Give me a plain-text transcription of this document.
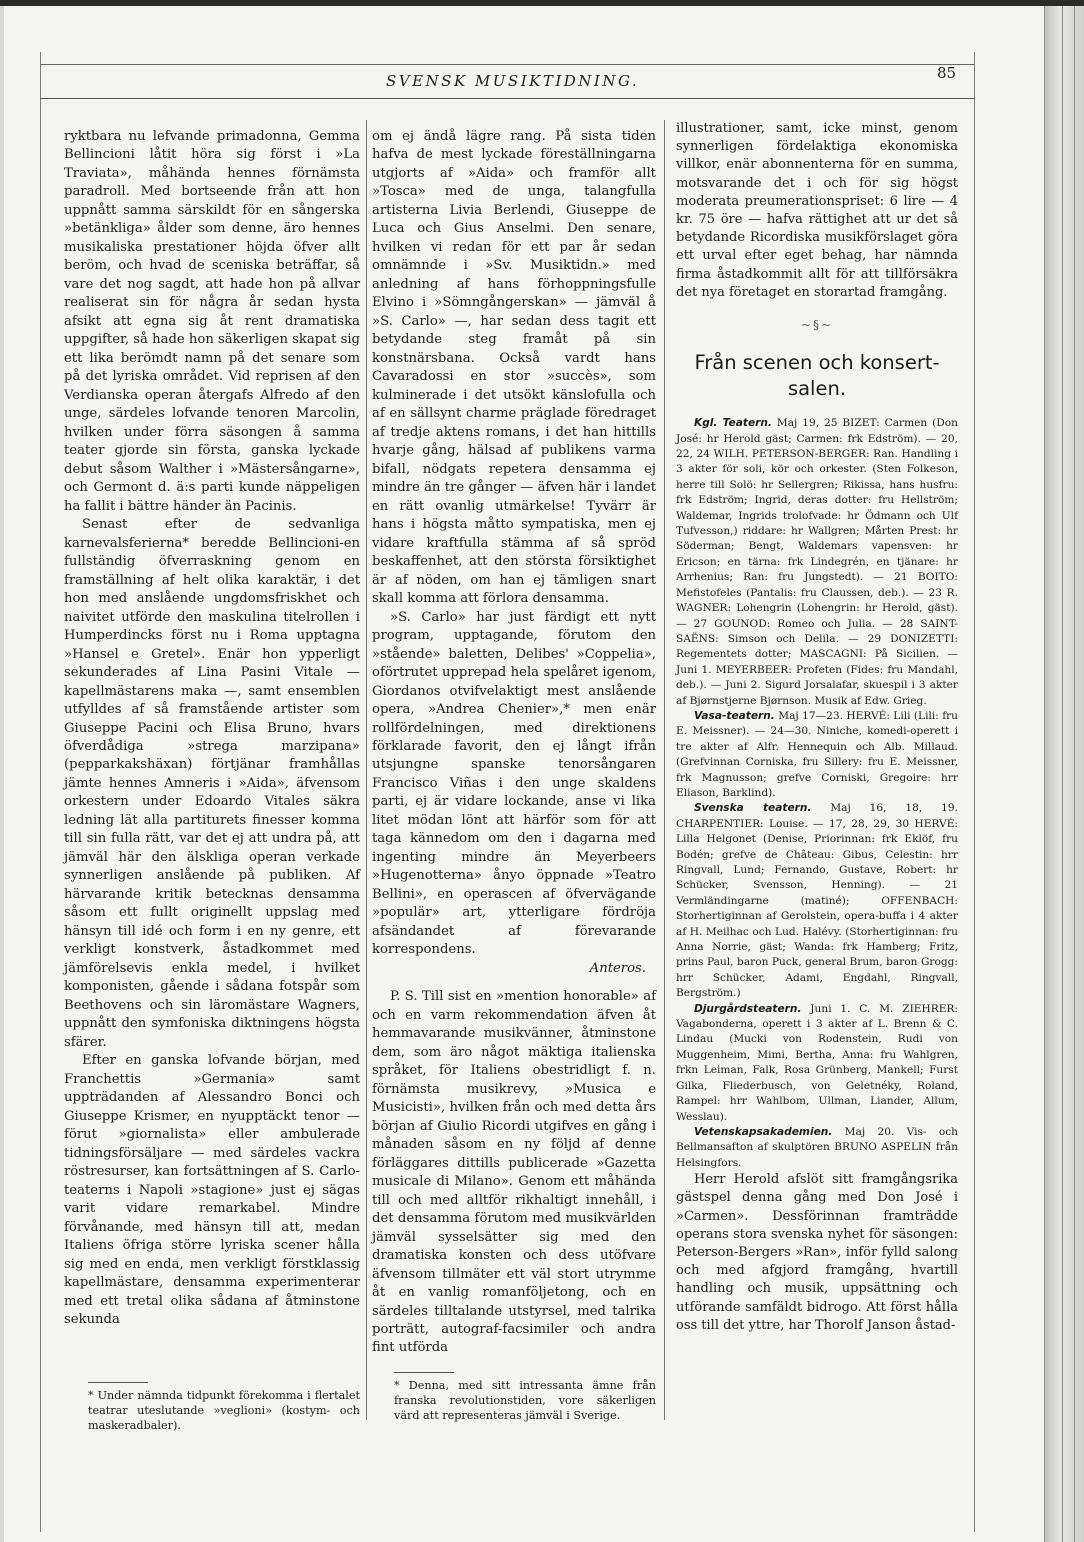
SVENSK MUSIKTIDNING.	85

ryktbara nu lefvande primadonna, Gemma Bellincioni låtit höra sig först i »La Traviata», måhända hennes förnämsta paradroll. Med bortseende från att hon uppnått samma särskildt för en sångerska »betänkliga» ålder som denne, äro hennes musikaliska prestationer höjda öfver allt beröm, och hvad de sceniska beträffar, så vare det nog sagdt, att hade hon på allvar realiserat sin för några år sedan hysta afsikt att egna sig åt rent dramatiska uppgifter, så hade hon säkerligen skapat sig ett lika berömdt namn på det senare som på det lyriska området. Vid reprisen af den Verdianska operan återgafs Alfredo af den unge, särdeles lofvande tenoren Marcolin, hvilken under förra säsongen å samma teater gjorde sin första, ganska lyckade debut såsom Walther i »Mästersångarne», och Germont d. ä:s parti kunde näppeligen ha fallit i bättre händer än Pacinis.

Senast efter de sedvanliga karnevalsferierna* beredde Bellincioni-en fullständig öfverraskning genom en framställning af helt olika karaktär, i det hon med anslående ungdomsfriskhet och naivitet utförde den maskulina titelrollen i Humperdincks först nu i Roma upptagna »Hansel e Gretel». Enär hon ypperligt sekunderades af Lina Pasini Vitale — kapellmästarens maka —, samt ensemblen utfylldes af så framstående artister som Giuseppe Pacini och Elisa Bruno, hvars öfverdådiga »strega marzipana» (pepparkakshäxan) förtjänar framhållas jämte hennes Amneris i »Aida», äfvensom orkestern under Edoardo Vitales säkra ledning lät alla partiturets finesser komma till sin fulla rätt, var det ej att undra på, att jämväl här den älskliga operan verkade synnerligen anslående på publiken. Af härvarande kritik betecknas densamma såsom ett fullt originellt uppslag med hänsyn till idé och form i en ny genre, ett verkligt konstverk, åstadkommet med jämförelsevis enkla medel, i hvilket komponisten, gående i sådana fotspår som Beethovens och sin läromästare Wagners, uppnått den symfoniska diktningens högsta sfärer.

Efter en ganska lofvande början, med Franchettis »Germania» samt uppträdanden af Alessandro Bonci och Giuseppe Krismer, en nyupptäckt tenor — förut »giornalista» eller ambulerade tidningsförsäljare — med särdeles vackra röstresurser, kan fortsättningen af S. Carlo-teaterns i Napoli »stagione» just ej sägas varit vidare remarkabel. Mindre förvånande, med hänsyn till att, medan Italiens öfriga större lyriska scener hålla sig med en enda, men verkligt förstklassig kapellmästare, densamma experimenterar med ett tretal olika sådana af åtminstone sekunda

om ej ändå lägre rang. På sista tiden hafva de mest lyckade föreställningarna utgjorts af »Aida» och framför allt »Tosca» med de unga, talangfulla artisterna Livia Berlendi, Giuseppe de Luca och Gius Anselmi. Den senare, hvilken vi redan för ett par år sedan omnämnde i »Sv. Musiktidn.» med anledning af hans förhoppningsfulle Elvino i »Sömngångerskan» — jämväl å »S. Carlo» —, har sedan dess tagit ett betydande steg framåt på sin konstnärsbana. Också vardt hans Cavaradossi en stor »succès», som kulminerade i det utsökt känslofulla och af en sällsynt charme präglade föredraget af tredje aktens romans, i det han hittills hvarje gång, hälsad af publikens varma bifall, nödgats repetera densamma ej mindre än tre gånger — äfven här i landet en rätt ovanlig utmärkelse! Tyvärr är hans i högsta måtto sympatiska, men ej vidare kraftfulla stämma af så spröd beskaffenhet, att den största försiktighet är af nöden, om han ej tämligen snart skall komma att förlora densamma.

»S. Carlo» har just färdigt ett nytt program, upptagande, förutom den »stående» baletten, Delibes' »Coppelia», oförtrutet upprepad hela spelåret igenom, Giordanos otvifvelaktigt mest anslående opera, »Andrea Chenier»,* men enär rollfördelningen, med direktionens förklarade favorit, den ej långt ifrån utsjungne spanske tenorsångaren Francisco Viñas i den unge skaldens parti, ej är vidare lockande, anse vi lika litet mödan lönt att härför som för att taga kännedom om den i dagarna med ingenting mindre än Meyerbeers »Hugenotterna» ånyo öppnade »Teatro Bellini», en operascen af öfvervägande »populär» art, ytterligare fördröja afsändandet af förevarande korrespondens.

Anteros.

P. S. Till sist en »mention honorable» af och en varm rekommendation äfven åt hemmavarande musikvänner, åtminstone dem, som äro något mäktiga italienska språket, för Italiens obestridligt f. n. förnämsta musikrevy, »Musica e Musicisti», hvilken från och med detta års början af Giulio Ricordi utgifves en gång i månaden såsom en ny följd af denne förläggares dittills publicerade »Gazetta musicale di Milano». Genom ett måhända till och med alltför rikhaltigt innehåll, i det densamma förutom med musikvärlden jämväl sysselsätter sig med den dramatiska konsten och dess utöfvare äfvensom tillmäter ett väl stort utrymme åt en vanlig romanföljetong, och en särdeles tilltalande utstyrsel, med talrika porträtt, autograf-facsimiler och andra fint utförda

illustrationer, samt, icke minst, genom synnerligen fördelaktiga ekonomiska villkor, enär abonnenterna för en summa, motsvarande det i och för sig högst moderata preumerationspriset: 6 lire — 4 kr. 75 öre — hafva rättighet att ur det så betydande Ricordiska musikförslaget göra ett urval efter eget behag, har nämnda firma åstadkommit allt för att tillförsäkra det nya företaget en storartad framgång.

~§~
Från scenen och konsert-salen.

Kgl. Teatern. Maj 19, 25 BIZET: Carmen (Don José: hr Herold gäst; Carmen: frk Edström). — 20, 22, 24 WILH. PETERSON-BERGER: Ran. Handling i 3 akter för soli, kör och orkester. (Sten Folkeson, herre till Solö: hr Sellergren; Rikissa, hans husfru: frk Edström; Ingrid, deras dotter: fru Hellström; Waldemar, Ingrids trolofvade: hr Ödmann och Ulf Tufvesson,) riddare: hr Wallgren; Mårten Prest: hr Söderman; Bengt, Waldemars vapensven: hr Ericson; en tärna: frk Lindegrén, en tjänare: hr Arrhenius; Ran: fru Jungstedt). — 21 BOITO: Mefistofeles (Pantalis: fru Claussen, deb.). — 23 R. WAGNER: Lohengrin (Lohengrin: hr Herold, gäst). — 27 GOUNOD: Romeo och Julia. — 28 SAINT-SAËNS: Simson och Delila. — 29 DONIZETTI: Regementets dotter; MASCAGNI: På Sicilien. — Juni 1. MEYERBEER: Profeten (Fides: fru Mandahl, deb.). — Juni 2. Sigurd Jorsalafar, skuespil i 3 akter af Bjørnstjerne Bjørnson. Musik af Edw. Grieg.

Vasa-teatern. Maj 17—23. HERVÉ: Lili (Lili: fru E. Meissner). — 24—30. Niniche, komedi-operett i tre akter af Alfr. Hennequin och Alb. Millaud. (Grefvinnan Corniska, fru Sillery: fru E. Meissner, frk Magnusson; grefve Corniski, Gregoire: hrr Eliason, Barklind).

Svenska teatern. Maj 16, 18, 19. CHARPENTIER: Louise. — 17, 28, 29, 30 HERVÉ: Lilla Helgonet (Denise, Priorinnan: frk Eklöf, fru Bodén; grefve de Château: Gibus, Celestin: hrr Ringvall, Lund; Fernando, Gustave, Robert: hr Schücker, Svensson, Henning). — 21 Vermländingarne (matiné); OFFENBACH: Storhertiginnan af Gerolstein, opera-buffa i 4 akter af H. Meilhac och Lud. Halévy. (Storhertiginnan: fru Anna Norrie, gäst; Wanda: frk Hamberg; Fritz, prins Paul, baron Puck, general Brum, baron Grogg: hrr Schücker, Adami, Engdahl, Ringvall, Bergström.)

Djurgårdsteatern. Juni 1. C. M. ZIEHRER: Vagabonderna, operett i 3 akter af L. Brenn & C. Lindau (Mucki von Rodenstein, Rudi von Muggenheim, Mimi, Bertha, Anna: fru Wahlgren, frkn Leiman, Falk, Rosa Grünberg, Mankell; Furst Gilka, Fliederbusch, von Geletnéky, Roland, Rampel: hrr Wahlbom, Ullman, Liander, Allum, Wesslau).

Vetenskapsakademien. Maj 20. Vis- och Bellmansafton af skulptören BRUNO ASPELIN från Helsingfors.

Herr Herold afslöt sitt framgångsrika gästspel denna gång med Don José i »Carmen». Dessförinnan framträdde operans stora svenska nyhet för säsongen: Peterson-Bergers »Ran», inför fylld salong och med afgjord framgång, hvartill handling och musik, uppsättning och utförande samfäldt bidrogo. Att först hålla oss till det yttre, har Thorolf Janson åstad-

* Under nämnda tidpunkt förekomma i flertalet teatrar uteslutande »veglioni» (kostym- och maskeradbaler).
* Denna, med sitt intressanta ämne från franska revolutionstiden, vore säkerligen värd att representeras jämväl i Sverige.
